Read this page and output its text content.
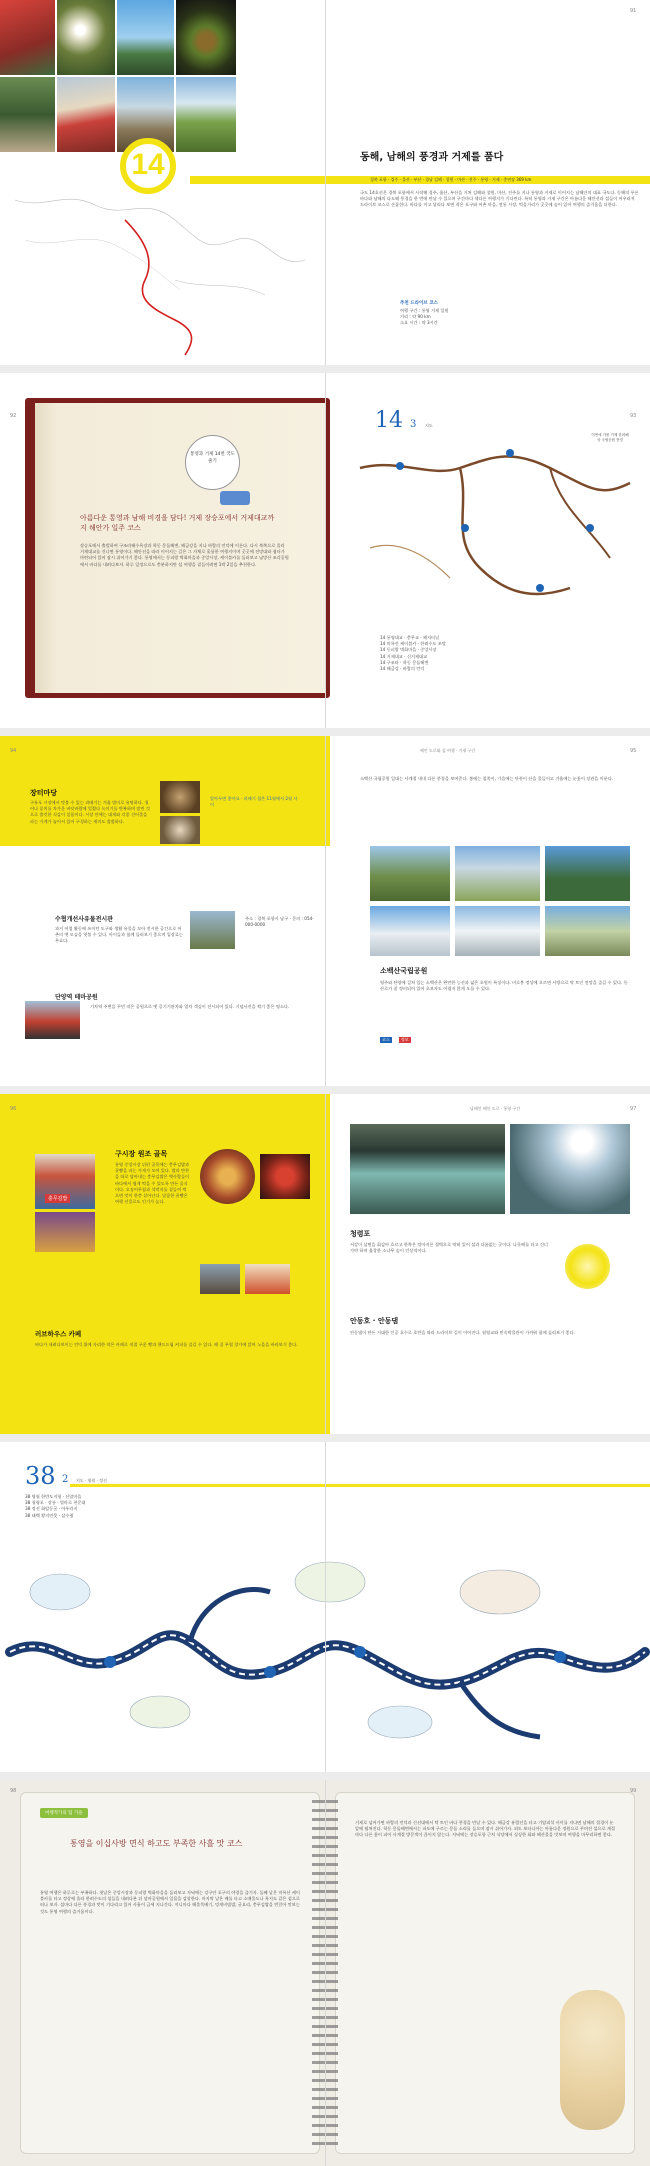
91
14	동해, 남해의 풍경과 거제를 품다
경북 포항 · 경주 · 울산 · 부산 · 경남 김해 · 창원 · 마산 · 진주 · 통영 · 거제 · 총연장 369 km
국도 14호선은 경북 포항에서 시작해 경주, 울산, 부산을 거쳐 김해와 창원, 마산, 진주를 지나 통영과 거제로 이어지는 남해안의 대표 국도다. 동해의 푸른 바다와 남해의 다도해 풍경을 한 번에 만날 수 있으며 구간마다 색다른 여행지가 기다린다. 특히 통영과 거제 구간은 아름다운 해안선과 섬들이 어우러져 드라이브 코스로 손꼽힌다. 바다를 끼고 달리다 보면 작은 포구와 어촌 마을, 전통 시장, 먹을거리가 곳곳에 숨어 있어 여행의 즐거움을 더한다.
추천 드라이브 코스
여행 구간 : 통영 거제 일원
거리 : 약 90 km
소요 시간 : 약 3시간
92	93
통영과 거제 14번 국도 줄기
아름다운 통영과 남해 비경을 담다! 거제 장승포에서 거제대교까지 해안가 일주 코스
장승포에서 출발하여 구조라해수욕장과 학동 몽돌해변, 해금강을 지나 바람의 언덕에 이른다. 다시 북쪽으로 올라 거제대교를 건너면 통영이다. 해안선을 따라 이어지는 길은 그 자체로 훌륭한 여행지이며 곳곳에 전망대와 쉼터가 마련되어 있어 잠시 쉬어가기 좋다. 통영에서는 동피랑 벽화마을과 중앙시장, 케이블카를 둘러보고 남망산 조각공원에서 바다를 내려다보자. 하루 일정으로도 충분하지만 섬 여행을 곁들이려면 1박 2일을 추천한다.
14 3 지도
이번에 가볼 거제 한려해상 국립공원 풍경
14 통영대교 · 충무교 · 해저터널
14 미륵산 케이블카 · 한려수도 조망
14 동피랑 벽화마을 · 중앙시장
14 거제대교 · 신거제대교
14 구조라 · 학동 몽돌해변
14 해금강 · 바람의 언덕
94	95
해안 도로와 섬 여행 · 거제 구간
장터마당
구룡포 시장에서 맛볼 수 있는 과메기는 겨울 별미로 유명하다. 청어나 꽁치를 차가운 바닷바람에 얼렸다 녹이기를 반복하며 말린 것으로 쫄깃한 식감이 일품이다. 시장 안에는 대게와 각종 건어물을 파는 가게가 늘어서 있어 구경하는 재미도 쏠쏠하다.
알아두면 좋아요 · 과메기 철은 11월에서 2월 사이
수협개선사유물전시관
과거 어업 활동에 쓰이던 도구와 생활 유물을 모아 전시한 공간으로 어촌의 옛 모습을 엿볼 수 있다. 아이들과 함께 둘러보기 좋으며 입장료는 무료다.
주소 : 경북 포항시 남구 · 문의 : 054-000-0000
단양역 테마공원
기차역 주변을 꾸민 작은 공원으로 옛 증기기관차와 열차 객실이 전시되어 있다. 기념사진을 찍기 좋은 명소다.
소백산 국립공원 일대는 사계절 내내 다른 풍경을 보여준다. 봄에는 철쭉이, 가을에는 단풍이 산을 물들이고 겨울에는 눈꽃이 장관을 이룬다.
소백산국립공원
영주와 단양에 걸쳐 있는 소백산은 완만한 능선과 넓은 초원이 특징이다. 비로봉 정상에 오르면 사방으로 탁 트인 전망을 즐길 수 있다. 등산로가 잘 정비되어 있어 초보자도 어렵지 않게 오를 수 있다.
코스	정보
96	97
남해안 해안 도로 · 통영 구간
충무김밥
구시장 원조 골목
통영 중앙시장 뒤편 골목에는 충무김밥과 꿀빵을 파는 가게가 모여 있다. 밥과 반찬을 따로 담아내는 충무김밥은 뱃사람들이 바다에서 쉽게 먹을 수 있도록 만든 음식이다. 오징어무침과 석박지를 곁들여 먹으면 맛이 한층 살아난다. 달콤한 꿀빵은 여행 선물로도 인기가 높다.
러브하우스 카페
바다가 내려다보이는 언덕 위에 자리한 작은 카페로 직접 구운 빵과 핸드드립 커피를 즐길 수 있다. 해 질 무렵 창가에 앉아 노을을 바라보기 좋다.
청령포
서강이 삼면을 휘감아 흐르고 한쪽은 깎아지른 절벽으로 막혀 있어 섬과 다름없는 곳이다. 나룻배를 타고 건너가야 하며 울창한 소나무 숲이 인상적이다.
안동호 · 안동댐
안동댐이 만든 거대한 인공 호수로 호반을 따라 드라이브 길이 이어진다. 월영교와 민속박물관이 가까워 함께 둘러보기 좋다.
38 2 지도 · 영월 · 정선
38 영월 한반도지형 · 선암마을
38 청령포 · 장릉 · 별마로 천문대
38 정선 화암동굴 · 아우라지
38 태백 황지연못 · 삼수령
98	99
여행작가의 팁 가을
통영을 이십사방 면식 하고도 부족한 사흘 맛 코스
통영 여행은 하루로는 부족하다. 첫날은 중앙시장과 동피랑 벽화마을을 둘러보고 저녁에는 강구안 포구의 야경을 즐기자. 둘째 날은 미륵산 케이블카를 타고 정상에 올라 한려수도의 섬들을 내려다본 뒤 달아공원에서 일몰을 감상한다. 마지막 날은 배를 타고 소매물도나 욕지도 같은 섬으로 떠나 보자. 섬마다 다른 풍경과 맛이 기다리고 있어 사흘이 금세 지나간다. 끼니마다 해물뚝배기, 멍게비빔밥, 굴요리, 충무김밥을 번갈아 맛보는 것도 통영 여행의 즐거움이다.
거제로 넘어가면 바람의 언덕과 신선대에서 탁 트인 바다 풍경을 만날 수 있다. 해금강 유람선을 타고 기암괴석 사이를 지나면 남해의 절경이 눈앞에 펼쳐진다. 학동 몽돌해변에서는 파도에 구르는 몽돌 소리를 들으며 잠시 쉬어가자. 외도 보타니아는 아름다운 정원으로 꾸며진 섬으로 계절마다 다른 꽃이 피어 사계절 방문객이 끊이지 않는다. 저녁에는 장승포항 근처 식당에서 싱싱한 회와 해산물을 맛보며 여행을 마무리하면 좋다.
